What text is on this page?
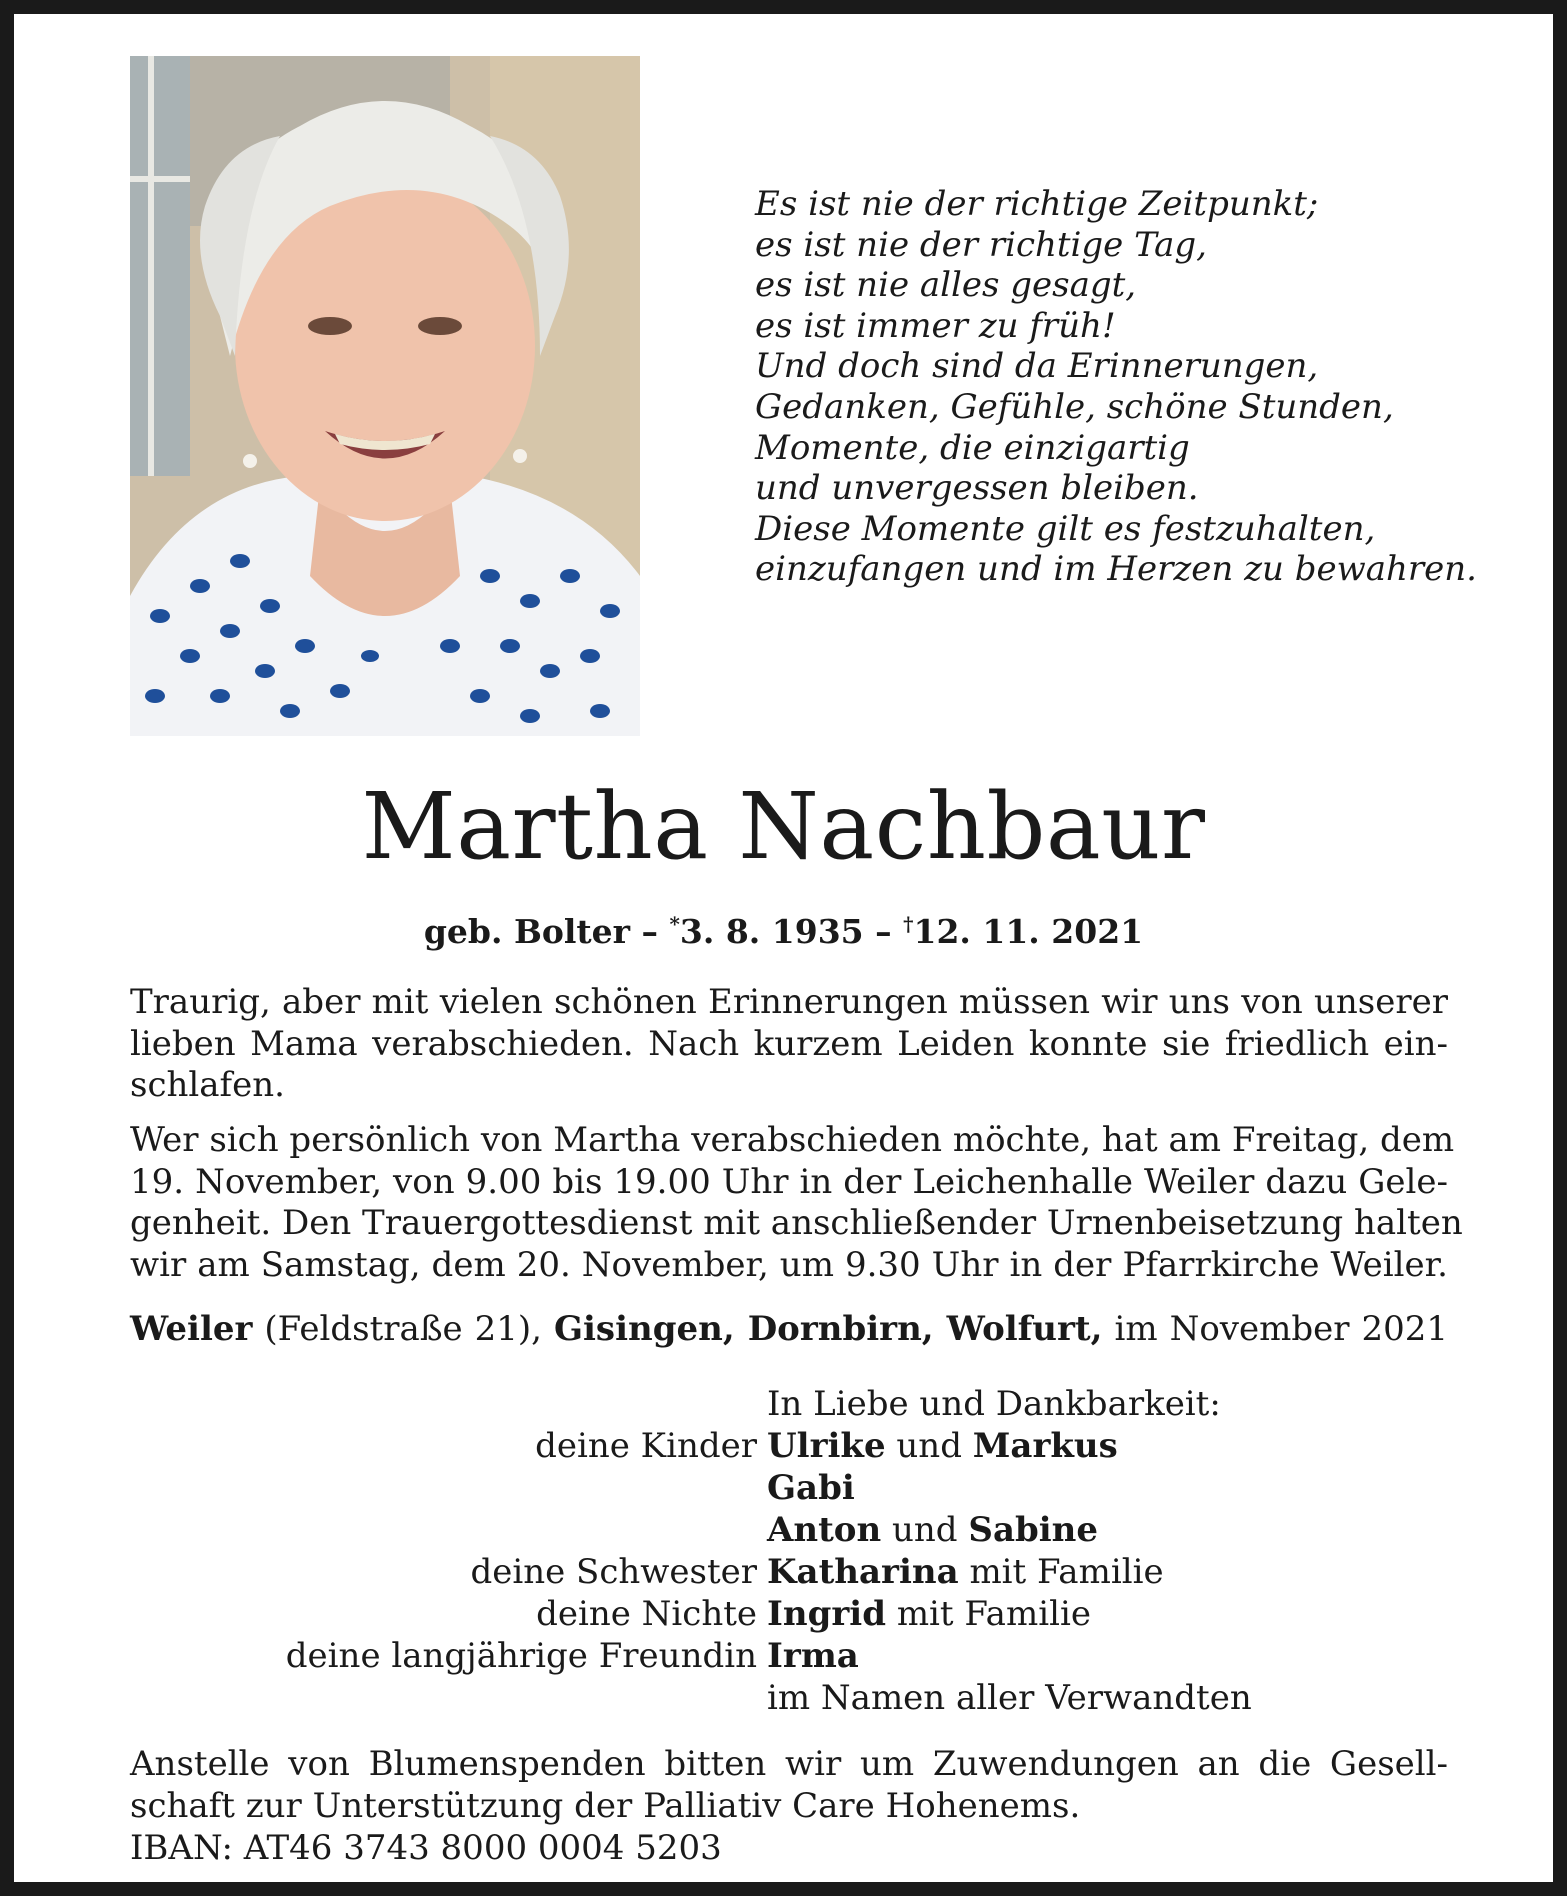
Es ist nie der richtige Zeitpunkt;
es ist nie der richtige Tag,
es ist nie alles gesagt,
es ist immer zu früh!
Und doch sind da Erinnerungen,
Gedanken, Gefühle, schöne Stunden,
Momente, die einzigartig
und unvergessen bleiben.
Diese Momente gilt es festzuhalten,
einzufangen und im Herzen zu bewahren.
Martha Nachbaur
geb. Bolter – *3. 8. 1935 – †12. 11. 2021
Traurig, aber mit vielen schönen Erinnerungen müssen wir uns von unserer
lieben Mama verabschieden. Nach kurzem Leiden konnte sie friedlich ein-
schlafen.
Wer sich persönlich von Martha verabschieden möchte, hat am Freitag, dem
19. November, von 9.00 bis 19.00 Uhr in der Leichenhalle Weiler dazu Gele-
genheit. Den Trauergottesdienst mit anschließender Urnenbeisetzung halten
wir am Samstag, dem 20. November, um 9.30 Uhr in der Pfarrkirche Weiler.
Weiler (Feldstraße 21), Gisingen, Dornbirn, Wolfurt, im November 2021
In Liebe und Dankbarkeit:
deine Kinder Ulrike und Markus
Gabi
Anton und Sabine
deine Schwester Katharina mit Familie
deine Nichte Ingrid mit Familie
deine langjährige Freundin Irma
im Namen aller Verwandten
Anstelle von Blumenspenden bitten wir um Zuwendungen an die Gesell-
schaft zur Unterstützung der Palliativ Care Hohenems.
IBAN: AT46 3743 8000 0004 5203
